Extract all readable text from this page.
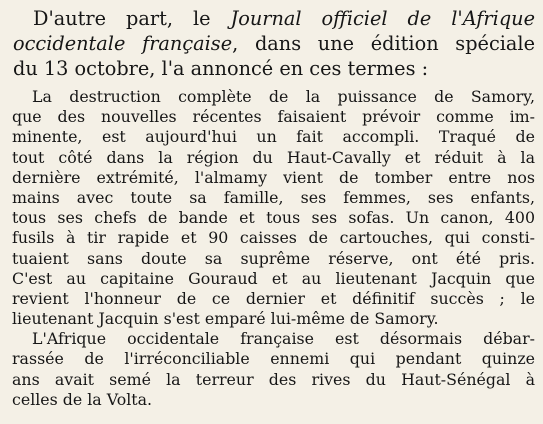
D'autre part, le Journal officiel de l'Afrique
occidentale française, dans une édition spéciale
du 13 octobre, l'a annoncé en ces termes :
La destruction complète de la puissance de Samory,
que des nouvelles récentes faisaient prévoir comme im-
minente, est aujourd'hui un fait accompli. Traqué de
tout côté dans la région du Haut-Cavally et réduit à la
dernière extrémité, l'almamy vient de tomber entre nos
mains avec toute sa famille, ses femmes, ses enfants,
tous ses chefs de bande et tous ses sofas. Un canon, 400
fusils à tir rapide et 90 caisses de cartouches, qui consti-
tuaient sans doute sa suprême réserve, ont été pris.
C'est au capitaine Gouraud et au lieutenant Jacquin que
revient l'honneur de ce dernier et définitif succès ; le
lieutenant Jacquin s'est emparé lui-même de Samory.
L'Afrique occidentale française est désormais débar-
rassée de l'irréconciliable ennemi qui pendant quinze
ans avait semé la terreur des rives du Haut-Sénégal à
celles de la Volta.
